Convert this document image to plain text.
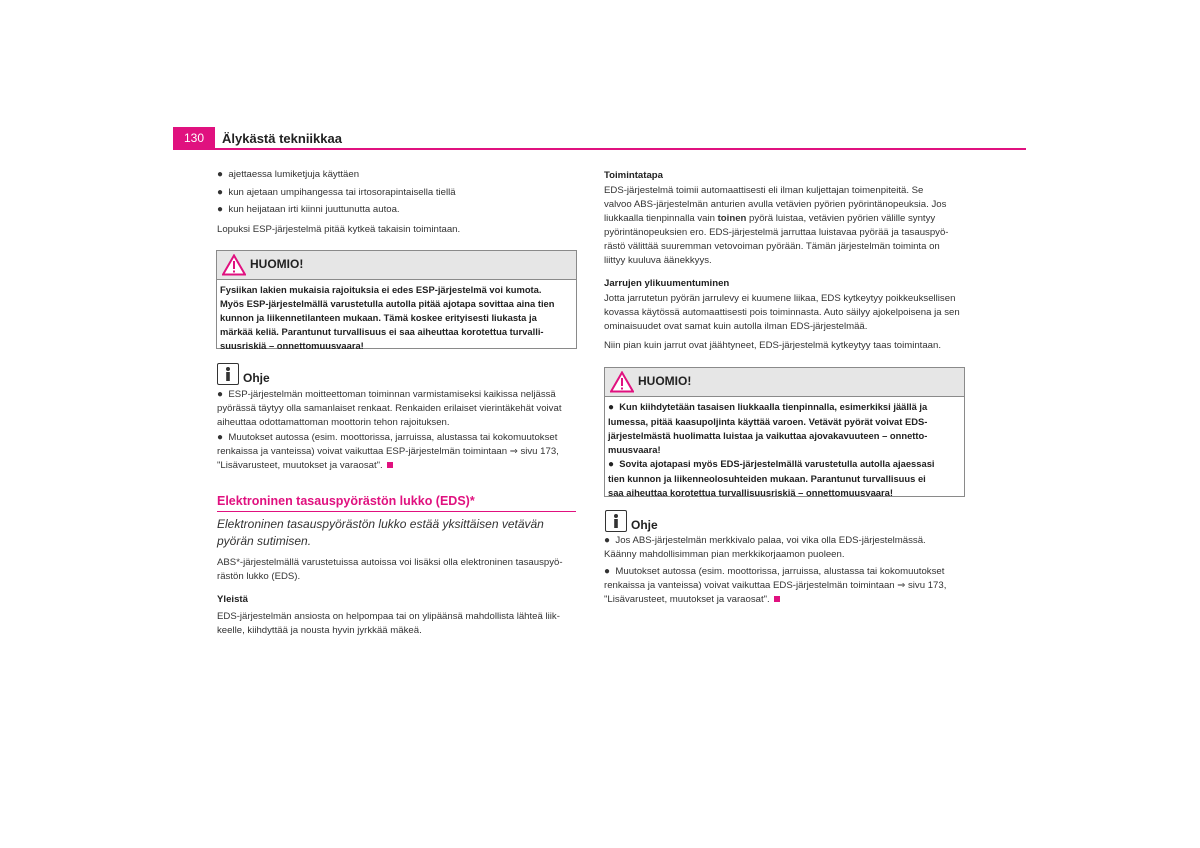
130	Älykästä tekniikkaa
● ajettaessa lumiketjuja käyttäen
● kun ajetaan umpihangessa tai irtosorapintaisella tiellä
● kun heijataan irti kiinni juuttunutta autoa.
Lopuksi ESP-järjestelmä pitää kytkeä takaisin toimintaan.
HUOMIO!

Fysiikan lakien mukaisia rajoituksia ei edes ESP-järjestelmä voi kumota.

Myös ESP-järjestelmällä varustetulla autolla pitää ajotapa sovittaa aina tien

kunnon ja liikennetilanteen mukaan. Tämä koskee erityisesti liukasta ja

märkää keliä. Parantunut turvallisuus ei saa aiheuttaa korotettua turvalli-

suusriskiä – onnettomuusvaara!

Ohje

● ESP-järjestelmän moitteettoman toiminnan varmistamiseksi kaikissa neljässä

pyörässä täytyy olla samanlaiset renkaat. Renkaiden erilaiset vierintäkehät voivat

aiheuttaa odottamattoman moottorin tehon rajoituksen.

● Muutokset autossa (esim. moottorissa, jarruissa, alustassa tai kokomuutokset

renkaissa ja vanteissa) voivat vaikuttaa ESP-järjestelmän toimintaan ⇒ sivu 173,

"Lisävarusteet, muutokset ja varaosat".

Elektroninen tasauspyörästön lukko (EDS)*
Elektroninen tasauspyörästön lukko estää yksittäisen vetävän
pyörän sutimisen.

ABS*-järjestelmällä varustetuissa autoissa voi lisäksi olla elektroninen tasauspyö-

rästön lukko (EDS).

Yleistä

EDS-järjestelmän ansiosta on helpompaa tai on ylipäänsä mahdollista lähteä liik-

keelle, kiihdyttää ja nousta hyvin jyrkkää mäkeä.

Toimintatapa

EDS-järjestelmä toimii automaattisesti eli ilman kuljettajan toimenpiteitä. Se

valvoo ABS-järjestelmän anturien avulla vetävien pyörien pyörintänopeuksia. Jos

liukkaalla tienpinnalla vain toinen pyörä luistaa, vetävien pyörien välille syntyy

pyörintänopeuksien ero. EDS-järjestelmä jarruttaa luistavaa pyörää ja tasauspyö-

rästö välittää suuremman vetovoiman pyörään. Tämän järjestelmän toiminta on

liittyy kuuluva äänekkyys.

Jarrujen ylikuumentuminen

Jotta jarrutetun pyörän jarrulevy ei kuumene liikaa, EDS kytkeytyy poikkeuksellisen

kovassa käytössä automaattisesti pois toiminnasta. Auto säilyy ajokelpoisena ja sen

ominaisuudet ovat samat kuin autolla ilman EDS-järjestelmää.

Niin pian kuin jarrut ovat jäähtyneet, EDS-järjestelmä kytkeytyy taas toimintaan.

HUOMIO!

● Kun kiihdytetään tasaisen liukkaalla tienpinnalla, esimerkiksi jäällä ja

lumessa, pitää kaasupoljinta käyttää varoen. Vetävät pyörät voivat EDS-

järjestelmästä huolimatta luistaa ja vaikuttaa ajovakavuuteen – onnetto-

muusvaara!

● Sovita ajotapasi myös EDS-järjestelmällä varustetulla autolla ajaessasi

tien kunnon ja liikenneolosuhteiden mukaan. Parantunut turvallisuus ei

saa aiheuttaa korotettua turvallisuusriskiä – onnettomuusvaara!

Ohje

● Jos ABS-järjestelmän merkkivalo palaa, voi vika olla EDS-järjestelmässä.

Käänny mahdollisimman pian merkkikorjaamon puoleen.

● Muutokset autossa (esim. moottorissa, jarruissa, alustassa tai kokomuutokset

renkaissa ja vanteissa) voivat vaikuttaa EDS-järjestelmän toimintaan ⇒ sivu 173,

"Lisävarusteet, muutokset ja varaosat".
